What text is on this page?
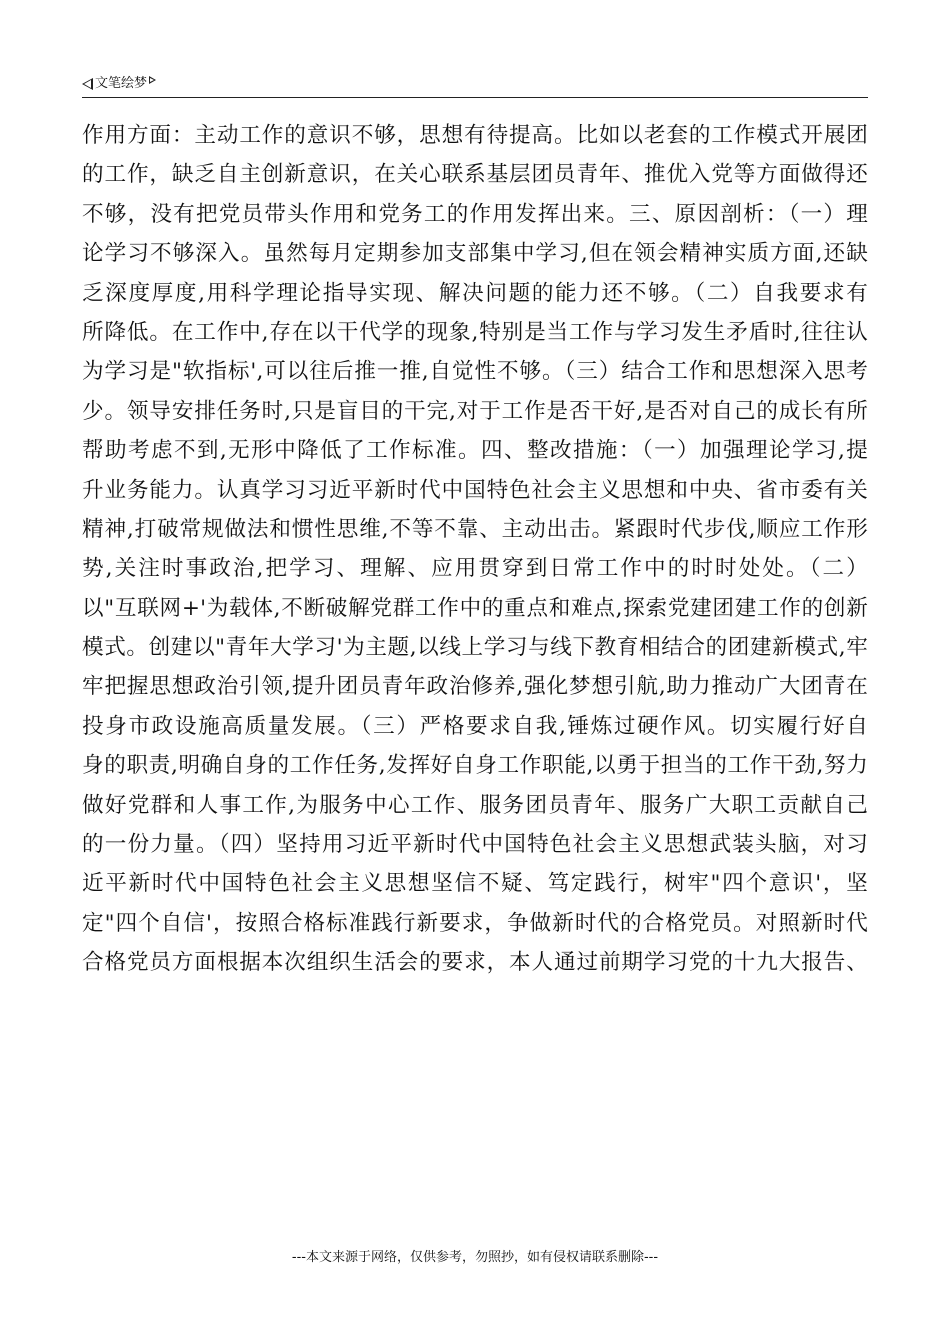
文笔绘梦
作用方面：主动工作的意识不够，思想有待提高。比如以老套的工作模式开展团
的工作，缺乏自主创新意识，在关心联系基层团员青年、推优入党等方面做得还
不够，没有把党员带头作用和党务工的作用发挥出来。三、原因剖析：（一）理
论学习不够深入。虽然每月定期参加支部集中学习,但在领会精神实质方面,还缺
乏深度厚度,用科学理论指导实现、解决问题的能力还不够。（二）自我要求有
所降低。在工作中,存在以干代学的现象,特别是当工作与学习发生矛盾时,往往认
为学习是"软指标',可以往后推一推,自觉性不够。（三）结合工作和思想深入思考
少。领导安排任务时,只是盲目的干完,对于工作是否干好,是否对自己的成长有所
帮助考虑不到,无形中降低了工作标准。四、整改措施：（一）加强理论学习,提
升业务能力。认真学习习近平新时代中国特色社会主义思想和中央、省市委有关
精神,打破常规做法和惯性思维,不等不靠、主动出击。紧跟时代步伐,顺应工作形
势,关注时事政治,把学习、理解、应用贯穿到日常工作中的时时处处。（二）
以"互联网+'为载体,不断破解党群工作中的重点和难点,探索党建团建工作的创新
模式。创建以"青年大学习'为主题,以线上学习与线下教育相结合的团建新模式,牢
牢把握思想政治引领,提升团员青年政治修养,强化梦想引航,助力推动广大团青在
投身市政设施高质量发展。（三）严格要求自我,锤炼过硬作风。切实履行好自
身的职责,明确自身的工作任务,发挥好自身工作职能,以勇于担当的工作干劲,努力
做好党群和人事工作,为服务中心工作、服务团员青年、服务广大职工贡献自己
的一份力量。（四）坚持用习近平新时代中国特色社会主义思想武装头脑，对习
近平新时代中国特色社会主义思想坚信不疑、笃定践行，树牢"四个意识'，坚
定"四个自信'，按照合格标准践行新要求，争做新时代的合格党员。对照新时代
合格党员方面根据本次组织生活会的要求，本人通过前期学习党的十九大报告、
---本文来源于网络，仅供参考，勿照抄，如有侵权请联系删除---
